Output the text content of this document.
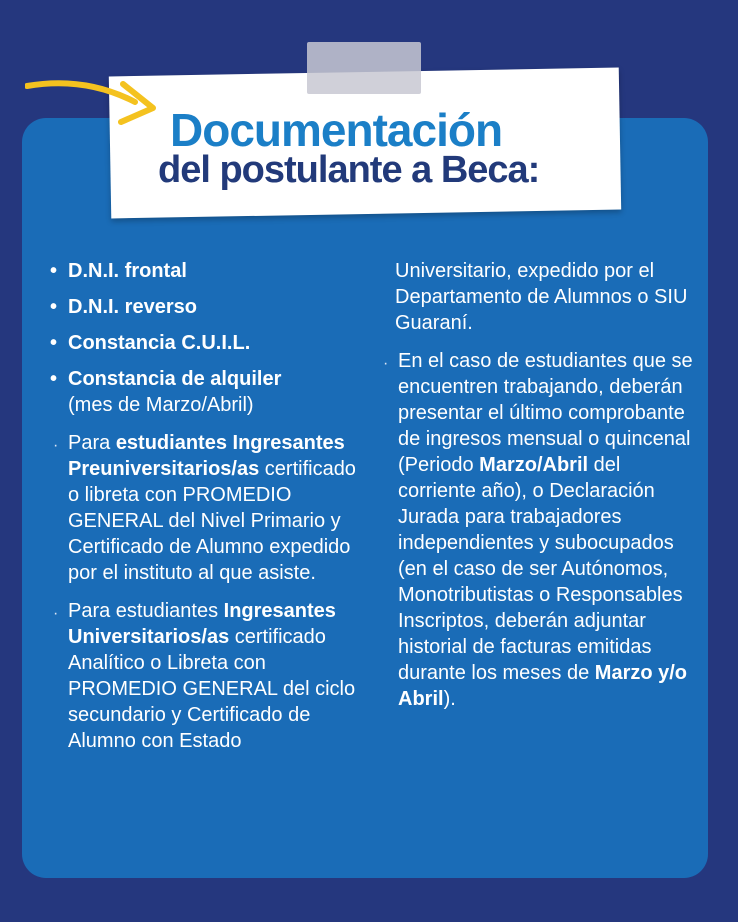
Documentación
del postulante a Beca:
• D.N.I. frontal
• D.N.I. reverso
• Constancia C.U.I.L.
• Constancia de alquiler
(mes de Marzo/Abril)
· Para estudiantes Ingresantes Preuniversitarios/as certificado o libreta con PROMEDIO GENERAL del Nivel Primario y Certificado de Alumno expedido por el instituto al que asiste.
· Para estudiantes Ingresantes Universitarios/as certificado Analítico o Libreta con PROMEDIO GENERAL del ciclo secundario y Certificado de Alumno con Estado
Universitario, expedido por el Departamento de Alumnos o SIU Guaraní.
· En el caso de estudiantes que se encuentren trabajando, deberán presentar el último comprobante de ingresos mensual o quincenal (Periodo Marzo/Abril del corriente año), o Declaración Jurada para trabajadores independientes y subocupados (en el caso de ser Autónomos, Monotributistas o Responsables Inscriptos, deberán adjuntar historial de facturas emitidas durante los meses de Marzo y/o Abril).
